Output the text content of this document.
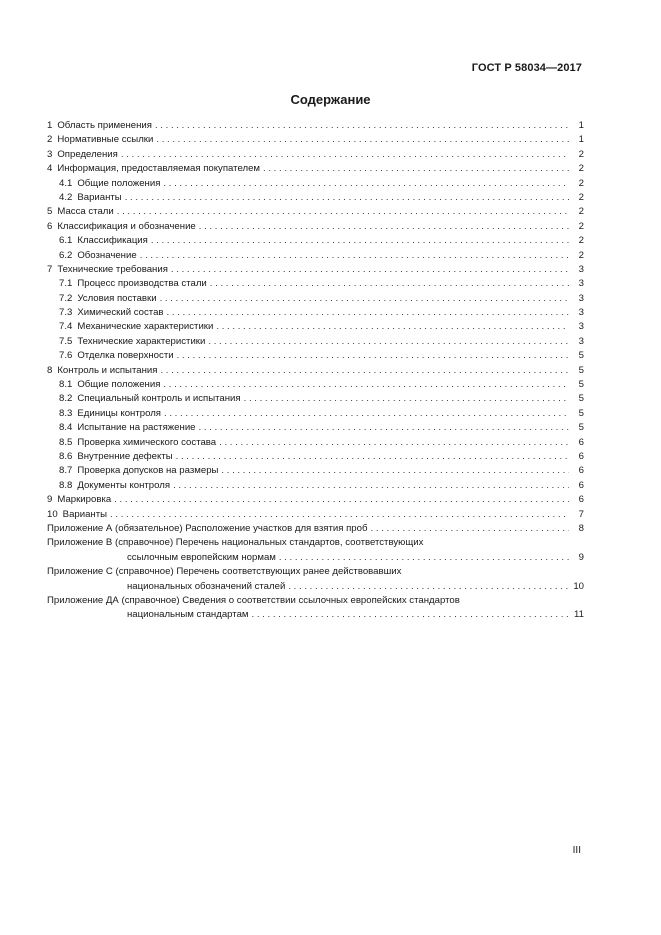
ГОСТ Р 58034—2017
Содержание
1 Область применения . . .	1
2 Нормативные ссылки . . .	1
3 Определения . . .	2
4 Информация, предоставляемая покупателем . . .	2
4.1 Общие положения . . .	2
4.2 Варианты . . .	2
5 Масса стали . . .	2
6 Классификация и обозначение . . .	2
6.1 Классификация . . .	2
6.2 Обозначение . . .	2
7 Технические требования . . .	3
7.1 Процесс производства стали . . .	3
7.2 Условия поставки . . .	3
7.3 Химический состав . . .	3
7.4 Механические характеристики . . .	3
7.5 Технические характеристики . . .	3
7.6 Отделка поверхности . . .	5
8 Контроль и испытания . . .	5
8.1 Общие положения . . .	5
8.2 Специальный контроль и испытания . . .	5
8.3 Единицы контроля . . .	5
8.4 Испытание на растяжение . . .	5
8.5 Проверка химического состава . . .	6
8.6 Внутренние дефекты . . .	6
8.7 Проверка допусков на размеры . . .	6
8.8 Документы контроля . . .	6
9 Маркировка . . .	6
10 Варианты . . .	7
Приложение А (обязательное) Расположение участков для взятия проб . . .	8
Приложение В (справочное) Перечень национальных стандартов, соответствующих
ссылочным европейским нормам . . .	9
Приложение С (справочное) Перечень соответствующих ранее действовавших
национальных обозначений сталей . . .	10
Приложение ДА (справочное) Сведения о соответствии ссылочных европейских стандартов
национальным стандартам . . .	11
III
